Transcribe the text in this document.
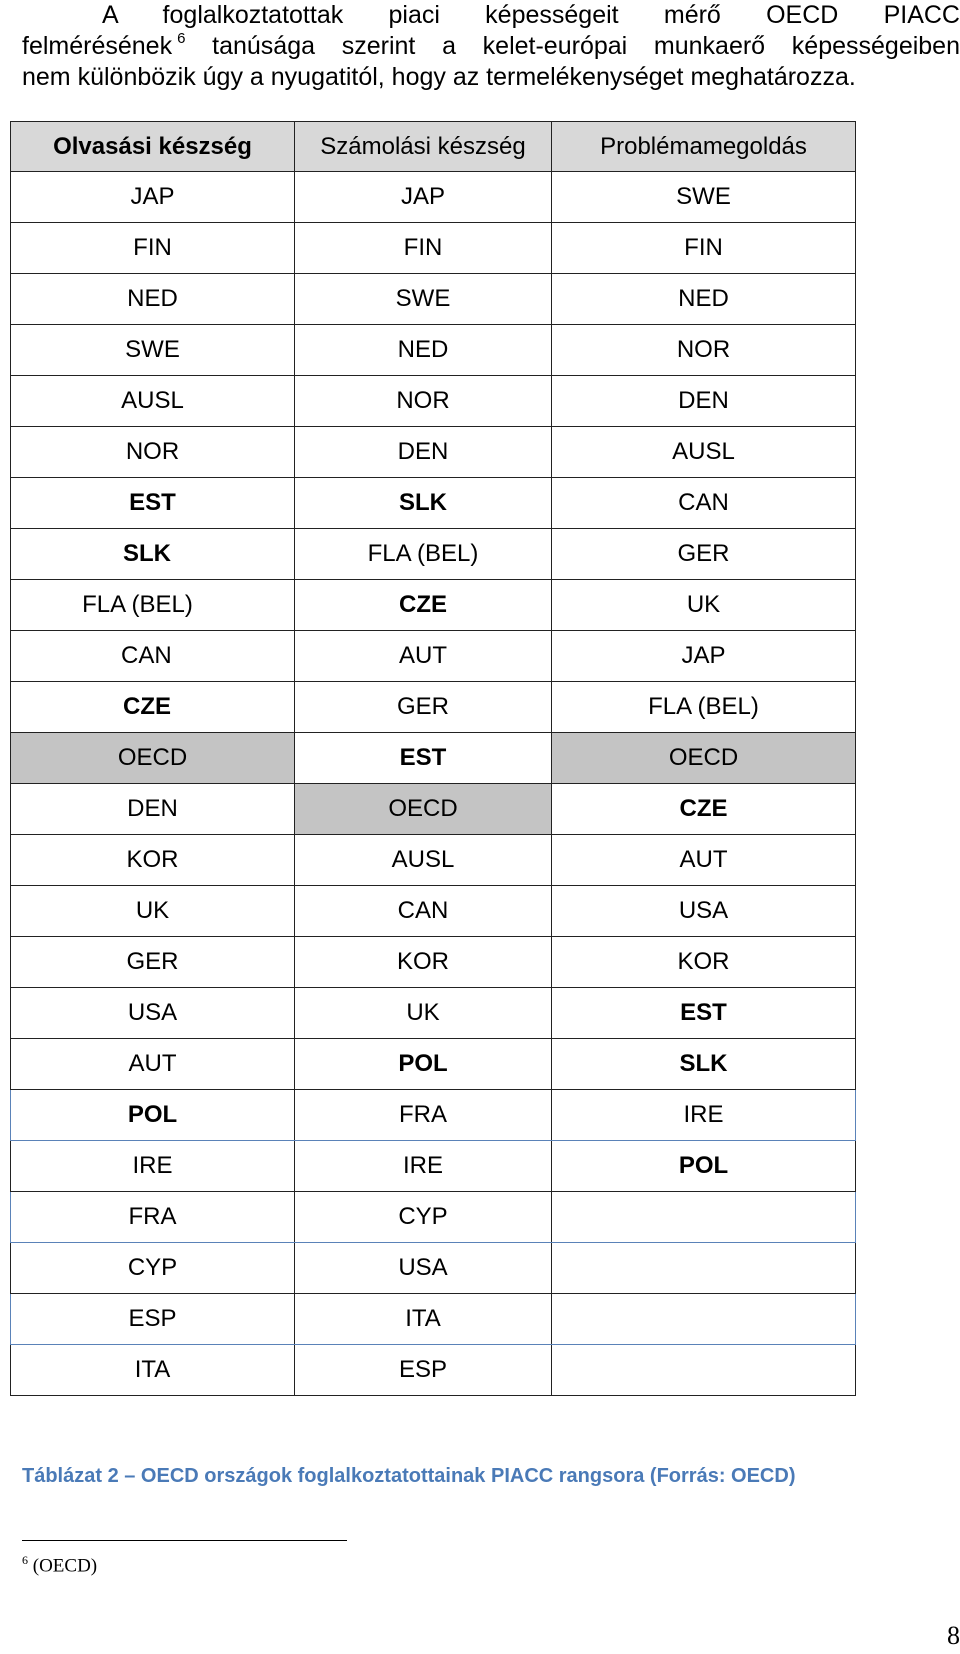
A foglalkoztatottak piaci képességeit mérő OECD PIACC
felmérésének  $^6$ tanúsága szerint a kelet-európai munkaerő képességeiben
nem különbözik úgy a nyugatitól, hogy az termelékenységet meghatározza.
Olvasási készség	Számolási készség	Problémamegoldás
JAP	JAP	SWE
FIN	FIN	FIN
NED	SWE	NED
SWE	NED	NOR
AUSL	NOR	DEN
NOR	DEN	AUSL
EST	SLK	CAN
SLK	FLA (BEL)	GER
FLA (BEL)	CZE	UK
CAN	AUT	JAP
CZE	GER	FLA (BEL)
OECD	EST	OECD
DEN	OECD	CZE
KOR	AUSL	AUT
UK	CAN	USA
GER	KOR	KOR
USA	UK	EST
AUT	POL	SLK
POL	FRA	IRE
IRE	IRE	POL
FRA	CYP	
CYP	USA	
ESP	ITA	
ITA	ESP	
Táblázat 2 – OECD országok foglalkoztatottainak PIACC rangsora (Forrás: OECD)
$^6$ (OECD)
8
